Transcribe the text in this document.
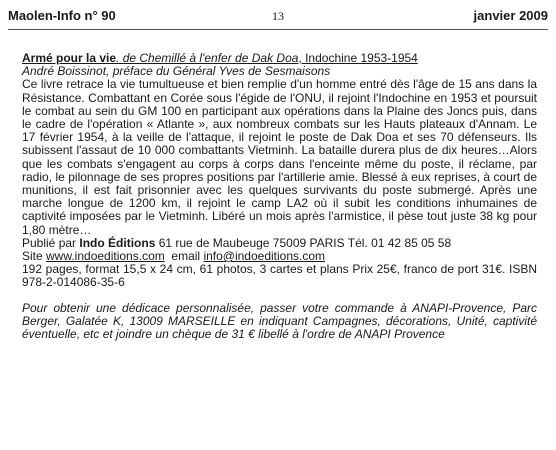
Maolen-Info n° 90	13	janvier 2009
Armé pour la vie. de Chemillé à l'enfer de Dak Doa, Indochine 1953-1954
André Boissinot, préface du Général Yves de Sesmaisons
Ce livre retrace la vie tumultueuse et bien remplie d'un homme entré dès l'âge de 15 ans dans la Résistance. Combattant en Corée sous l'égide de l'ONU, il rejoint l'Indochine en 1953 et poursuit le combat au sein du GM 100 en participant aux opérations dans la Plaine des Joncs puis, dans le cadre de l'opération « Atlante », aux nombreux combats sur les Hauts plateaux d'Annam. Le 17 février 1954, à la veille de l'attaque, il rejoint le poste de Dak Doa et ses 70 défenseurs. Ils subissent l'assaut de 10 000 combattants Vietminh. La bataille durera plus de dix heures…Alors que les combats s'engagent au corps à corps dans l'enceinte même du poste, il réclame, par radio, le pilonnage de ses propres positions par l'artillerie amie. Blessé à eux reprises, à court de munitions, il est fait prisonnier avec les quelques survivants du poste submergé. Après une marche longue de 1200 km, il rejoint le camp LA2 où il subit les conditions inhumaines de captivité imposées par le Vietminh. Libéré un mois après l'armistice, il pèse tout juste 38 kg pour 1,80 mètre…
Publié par Indo Éditions 61 rue de Maubeuge 75009 PARIS Tél. 01 42 85 05 58
Site www.indoeditions.com  email info@indoeditions.com
192 pages, format 15,5 x 24 cm, 61 photos, 3 cartes et plans Prix 25€, franco de port 31€. ISBN 978-2-014086-35-6
Pour obtenir une dédicace personnalisée, passer votre commande à ANAPI-Provence, Parc Berger, Galatée K, 13009 MARSEILLE en indiquant Campagnes, décorations, Unité, captivité éventuelle, etc et joindre un chèque de 31 € libellé à l'ordre de ANAPI Provence
